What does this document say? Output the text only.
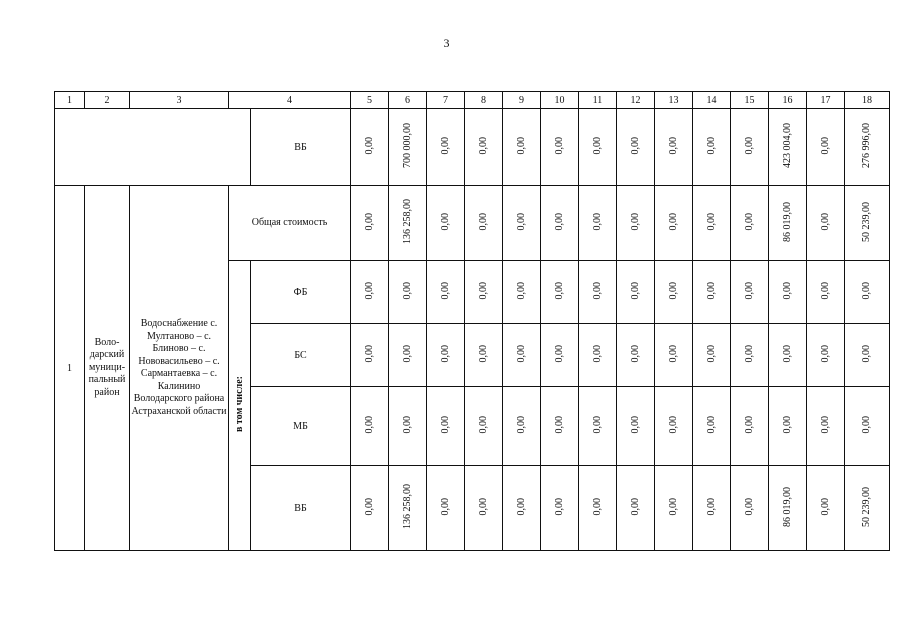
3
1	2	3	4		5	6	7	8	9	10	11	12	13	14	15	16	17	18
				ВБ	0,00	700 000,00	0,00	0,00	0,00	0,00	0,00	0,00	0,00	0,00	0,00	423 004,00	0,00	276 996,00
1	Воло-дарский муници-пальный район	Водоснабжение с. Мултаново – с. Блиново – с. Нововасильево – с. Сармантаевка – с. Калинино Володарского района Астраханской области	Общая стоимость		0,00	136 258,00	0,00	0,00	0,00	0,00	0,00	0,00	0,00	0,00	0,00	86 019,00	0,00	50 239,00
			в том числе:	ФБ	0,00	0,00	0,00	0,00	0,00	0,00	0,00	0,00	0,00	0,00	0,00	0,00	0,00	0,00
				БС	0,00	0,00	0,00	0,00	0,00	0,00	0,00	0,00	0,00	0,00	0,00	0,00	0,00	0,00
				МБ	0,00	0,00	0,00	0,00	0,00	0,00	0,00	0,00	0,00	0,00	0,00	0,00	0,00	0,00
				ВБ	0,00	136 258,00	0,00	0,00	0,00	0,00	0,00	0,00	0,00	0,00	0,00	86 019,00	0,00	50 239,00
